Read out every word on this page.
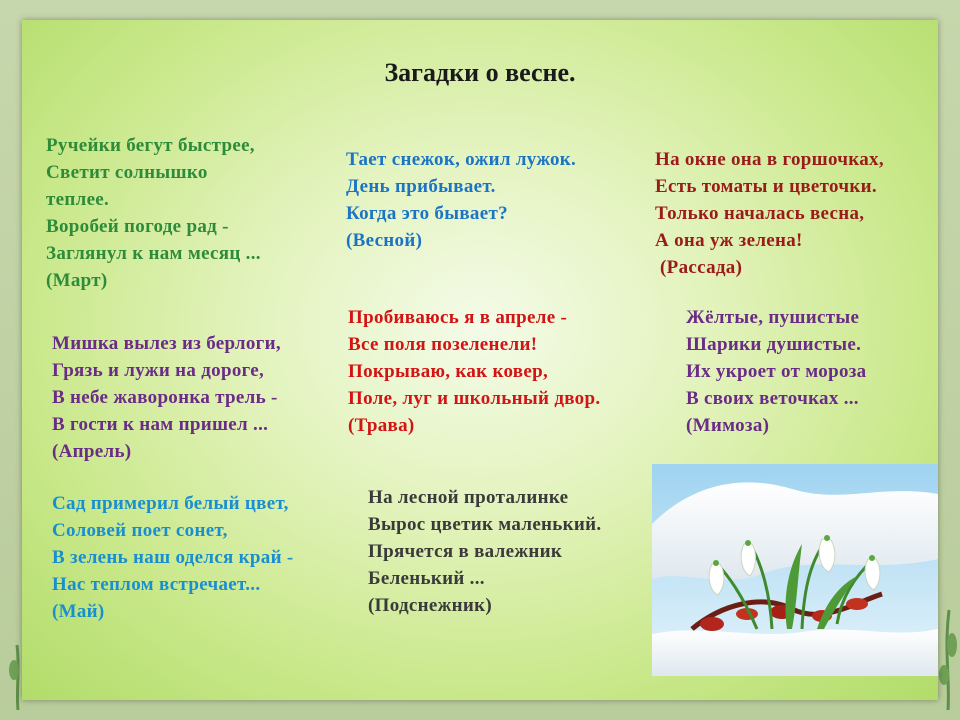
Загадки о весне.
Ручейки бегут быстрее,
Светит солнышко
теплее.
Воробей погоде рад -
Заглянул к нам месяц ...
(Март)
Тает снежок, ожил лужок.
День прибывает.
Когда это бывает?
(Весной)
На окне она в горшочках,
Есть томаты и цветочки.
Только началась весна,
А она уж зелена!
(Рассада)
Мишка вылез из берлоги,
Грязь и лужи на дороге,
В небе жаворонка трель -
В гости к нам пришел ...
(Апрель)
Пробиваюсь я в апреле -
Все поля позеленели!
Покрываю, как ковер,
Поле, луг и школьный двор.
(Трава)
Жёлтые, пушистые
Шарики душистые.
Их укроет от мороза
В своих веточках ...
(Мимоза)
Сад примерил белый цвет,
Соловей поет сонет,
В зелень наш оделся край -
Нас теплом встречает...
(Май)
На лесной проталинке
Вырос цветик маленький.
Прячется в валежник
Беленький ...
(Подснежник)
